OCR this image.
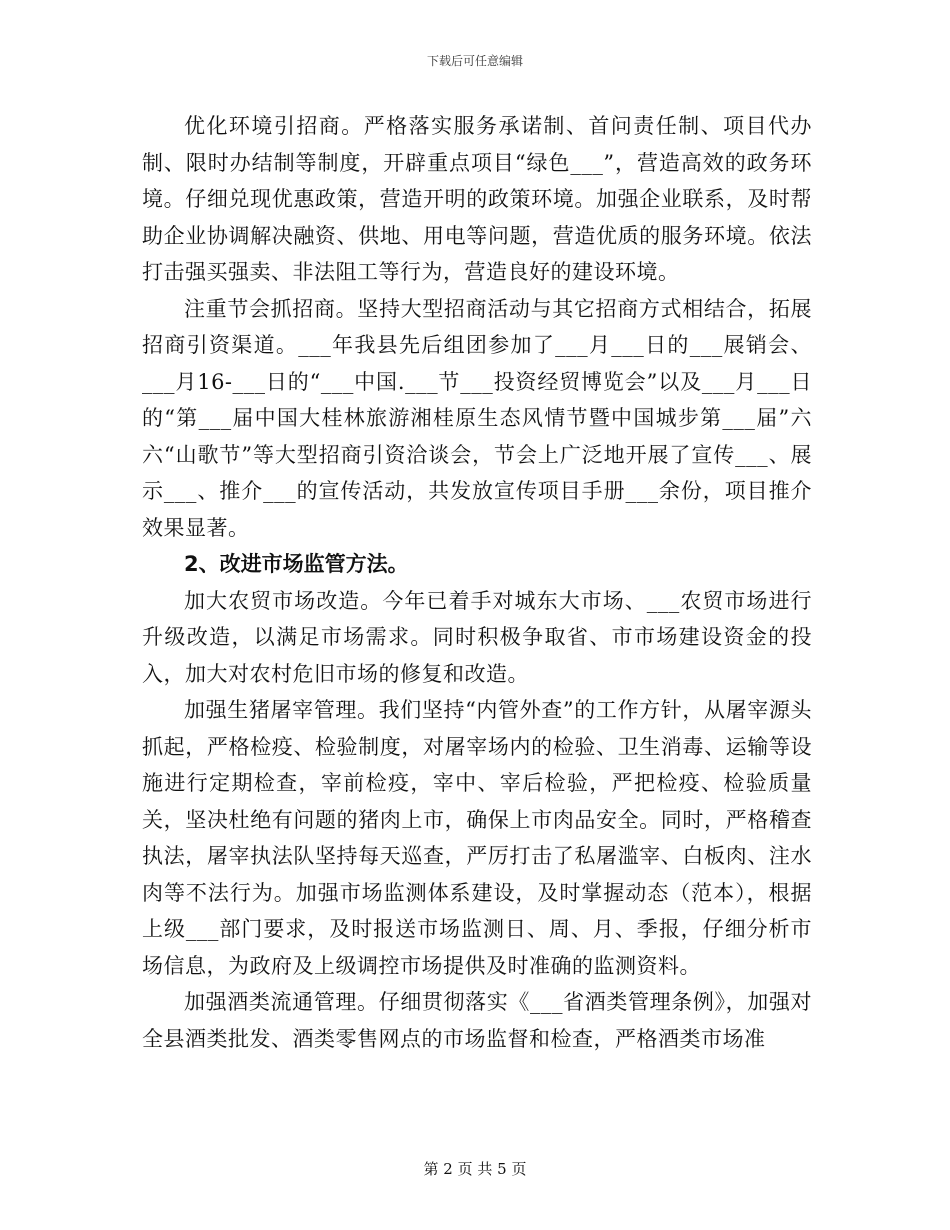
下载后可任意编辑

优化环境引招商。严格落实服务承诺制、首问责任制、项目代办制、限时办结制等制度，开辟重点项目“绿色___”，营造高效的政务环境。仔细兑现优惠政策，营造开明的政策环境。加强企业联系，及时帮助企业协调解决融资、供地、用电等问题，营造优质的服务环境。依法打击强买强卖、非法阻工等行为，营造良好的建设环境。

注重节会抓招商。坚持大型招商活动与其它招商方式相结合，拓展招商引资渠道。___年我县先后组团参加了___月___日的___展销会、___月16-___日的“___中国.___节___投资经贸博览会”以及___月___日的“第___届中国大桂林旅游湘桂原生态风情节暨中国城步第___届”六六“山歌节”等大型招商引资洽谈会，节会上广泛地开展了宣传___、展示___、推介___的宣传活动，共发放宣传项目手册___余份，项目推介效果显著。

2、改进市场监管方法。

加大农贸市场改造。今年已着手对城东大市场、___农贸市场进行升级改造，以满足市场需求。同时积极争取省、市市场建设资金的投入，加大对农村危旧市场的修复和改造。

加强生猪屠宰管理。我们坚持“内管外查”的工作方针，从屠宰源头抓起，严格检疫、检验制度，对屠宰场内的检验、卫生消毒、运输等设施进行定期检查，宰前检疫，宰中、宰后检验，严把检疫、检验质量关，坚决杜绝有问题的猪肉上市，确保上市肉品安全。同时，严格稽查执法，屠宰执法队坚持每天巡查，严厉打击了私屠滥宰、白板肉、注水肉等不法行为。加强市场监测体系建设，及时掌握动态（范本），根据上级___部门要求，及时报送市场监测日、周、月、季报，仔细分析市场信息，为政府及上级调控市场提供及时准确的监测资料。

加强酒类流通管理。仔细贯彻落实《___省酒类管理条例》，加强对全县酒类批发、酒类零售网点的市场监督和检查，严格酒类市场准

第 2 页 共 5 页
